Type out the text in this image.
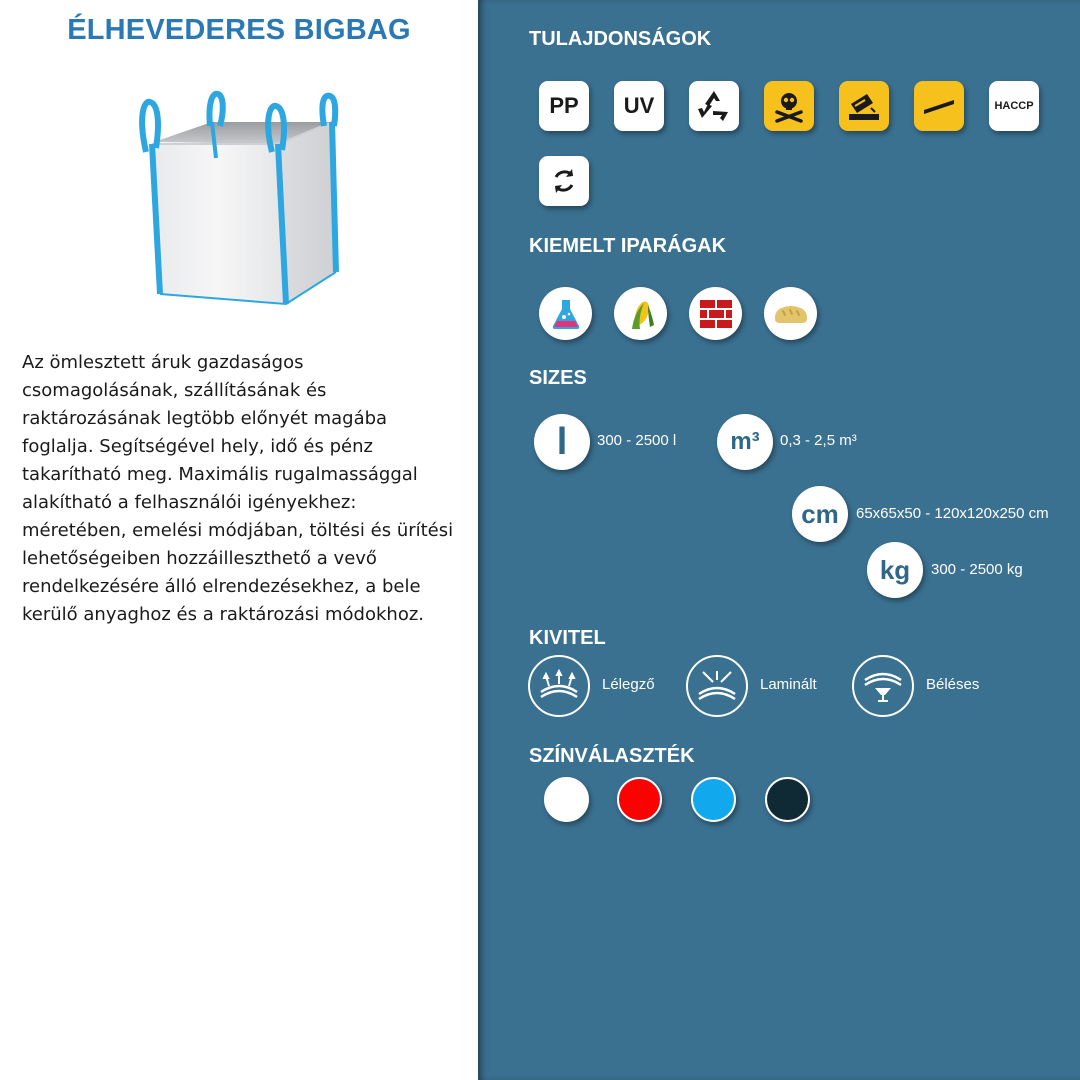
ÉLHEVEDERES BIGBAG

Az ömlesztett áruk gazdaságos csomagolásának, szállításának és raktározásának legtöbb előnyét magába foglalja. Segítségével hely, idő és pénz takarítható meg. Maximális rugalmassággal alakítható a felhasználói igényekhez: méretében, emelési módjában, töltési és ürítési lehetőségeiben hozzáilleszthető a vevő rendelkezésére álló elrendezésekhez, a bele kerülő anyaghoz és a raktározási módokhoz.

TULAJDONSÁGOK
PP UV	HACCP
KIEMELT IPARÁGAK
SIZES
l 300 - 2500 l m³ 0,3 - 2,5 m³
cm 65x65x50 - 120x120x250 cm
kg 300 - 2500 kg
KIVITEL
Lélegző	Laminált	Béléses
SZÍNVÁLASZTÉK
